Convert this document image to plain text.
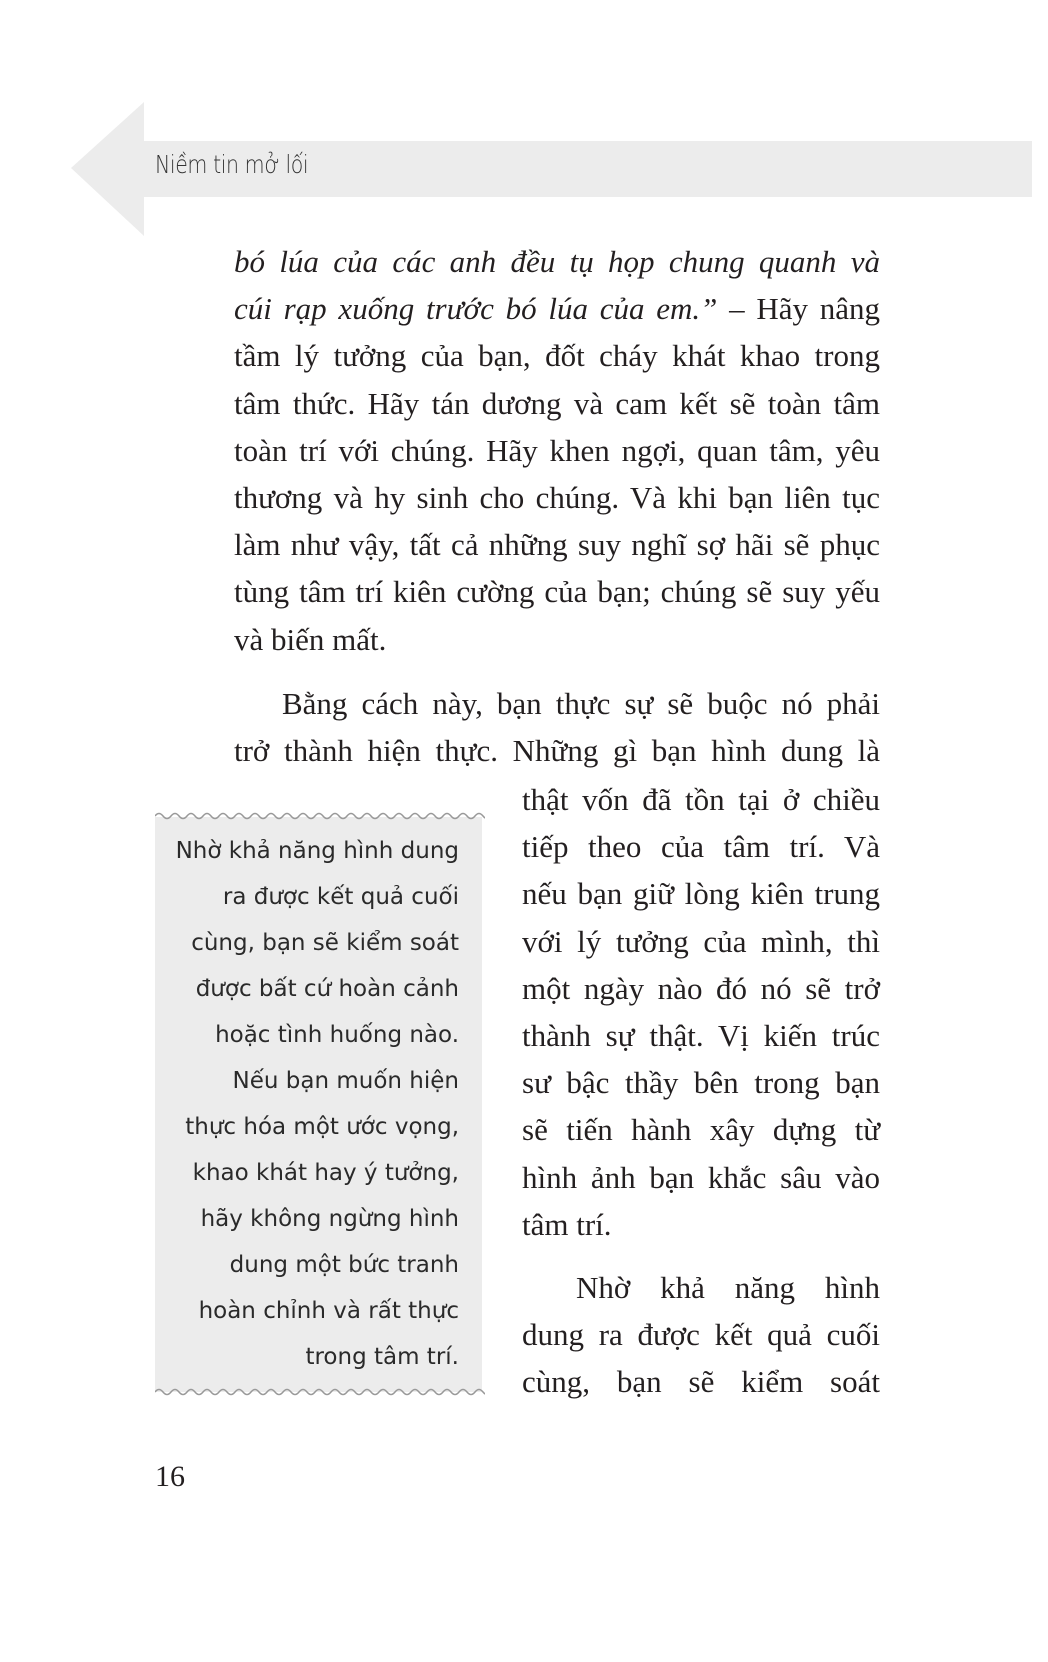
Niềm tin mở lối
bó lúa của các anh đều tụ họp chung quanh và
cúi rạp xuống trước bó lúa của em.” – Hãy nâng
tầm lý tưởng của bạn, đốt cháy khát khao trong
tâm thức. Hãy tán dương và cam kết sẽ toàn tâm
toàn trí với chúng. Hãy khen ngợi, quan tâm, yêu
thương và hy sinh cho chúng. Và khi bạn liên tục
làm như vậy, tất cả những suy nghĩ sợ hãi sẽ phục
tùng tâm trí kiên cường của bạn; chúng sẽ suy yếu
và biến mất.
Bằng cách này, bạn thực sự sẽ buộc nó phải
trở thành hiện thực. Những gì bạn hình dung là
thật vốn đã tồn tại ở chiều
tiếp theo của tâm trí. Và
nếu bạn giữ lòng kiên trung
với lý tưởng của mình, thì
một ngày nào đó nó sẽ trở
thành sự thật. Vị kiến trúc
sư bậc thầy bên trong bạn
sẽ tiến hành xây dựng từ
hình ảnh bạn khắc sâu vào
tâm trí.
Nhờ khả năng hình
dung ra được kết quả cuối
cùng, bạn sẽ kiểm soát
Nhờ khả năng hình dung
ra được kết quả cuối
cùng, bạn sẽ kiểm soát
được bất cứ hoàn cảnh
hoặc tình huống nào.
Nếu bạn muốn hiện
thực hóa một ước vọng,
khao khát hay ý tưởng,
hãy không ngừng hình
dung một bức tranh
hoàn chỉnh và rất thực
trong tâm trí.
16
